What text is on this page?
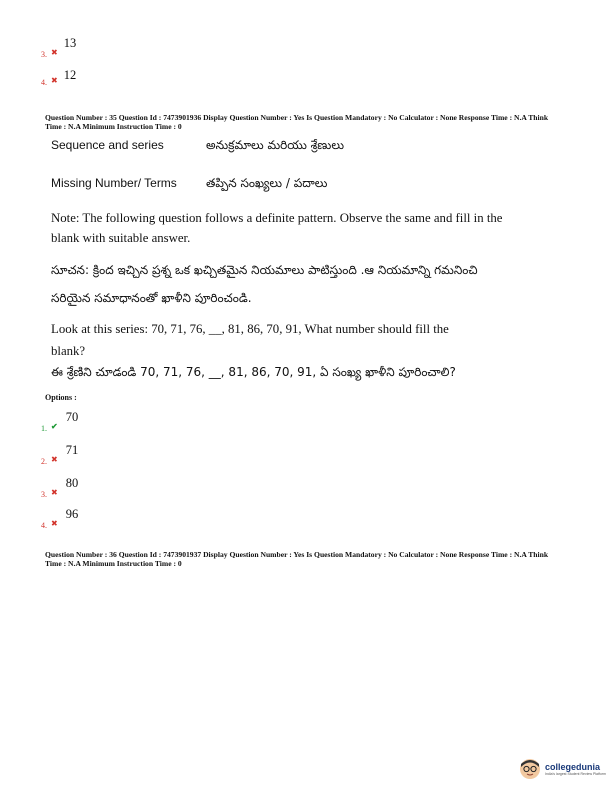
$_{3.}$ $_✖$ 13
$_{4.}$ $_✖$ 12
Question Number : 35 Question Id : 7473901936 Display Question Number : Yes Is Question Mandatory : No Calculator : None Response Time : N.A Think Time : N.A Minimum Instruction Time : 0
Sequence and series	అనుక్రమాలు మరియు శ్రేణులు
Missing Number/ Terms తప్పిన సంఖ్యలు / పదాలు
Note: The following question follows a definite pattern. Observe the same and fill in the blank with suitable answer.
సూచన: క్రింద ఇచ్చిన ప్రశ్న ఒక ఖచ్చితమైన నియమాలు పాటిస్తుంది .ఆ నియమాన్ని గమనించి సరియైన సమాధానంతో ఖాళీని పూరించండి.
Look at this series: 70, 71, 76, __, 81, 86, 70, 91, What number should fill the blank?
ఈ శ్రేణిని చూడండి 70, 71, 76, __, 81, 86, 70, 91, ఏ సంఖ్య ఖాళీని పూరించాలి?
Options :
$_{1.}$ $_✔$ 70
$_{2.}$ $_✖$ 71
$_{3.}$ $_✖$ 80
$_{4.}$ $_✖$ 96
Question Number : 36 Question Id : 7473901937 Display Question Number : Yes Is Question Mandatory : No Calculator : None Response Time : N.A Think Time : N.A Minimum Instruction Time : 0
collegedunia
India's largest Student Review Platform
